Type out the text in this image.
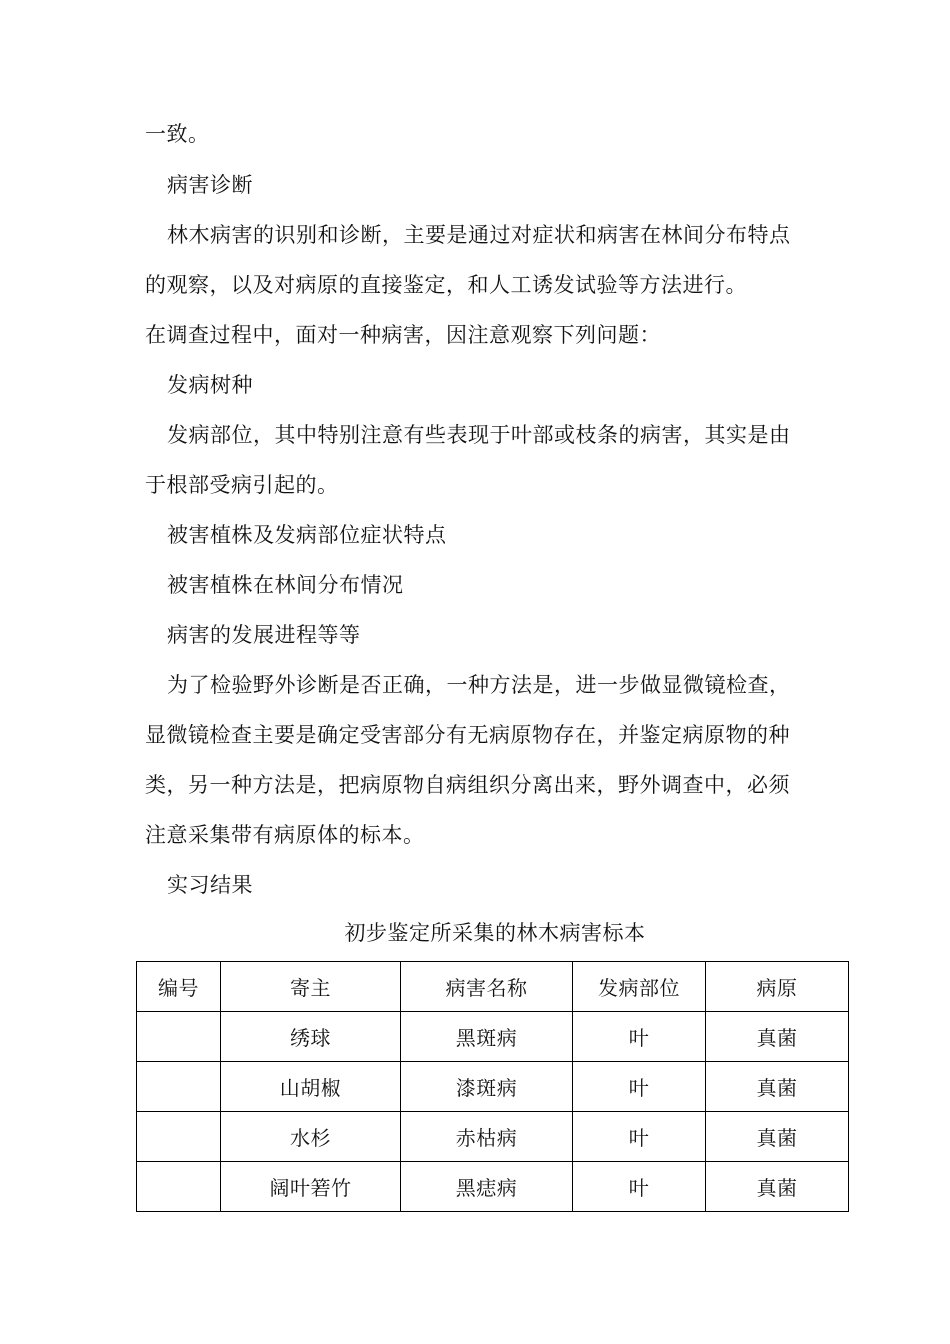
一致。
病害诊断
林木病害的识别和诊断，主要是通过对症状和病害在林间分布特点
的观察，以及对病原的直接鉴定，和人工诱发试验等方法进行。
在调查过程中，面对一种病害，因注意观察下列问题：
发病树种
发病部位，其中特别注意有些表现于叶部或枝条的病害，其实是由
于根部受病引起的。
被害植株及发病部位症状特点
被害植株在林间分布情况
病害的发展进程等等
为了检验野外诊断是否正确，一种方法是，进一步做显微镜检查，
显微镜检查主要是确定受害部分有无病原物存在，并鉴定病原物的种
类，另一种方法是，把病原物自病组织分离出来，野外调查中，必须
注意采集带有病原体的标本。
实习结果
初步鉴定所采集的林木病害标本
编号	寄主	病害名称	发病部位	病原
	绣球	黑斑病	叶	真菌
	山胡椒	漆斑病	叶	真菌
	水杉	赤枯病	叶	真菌
	阔叶箬竹	黑痣病	叶	真菌
